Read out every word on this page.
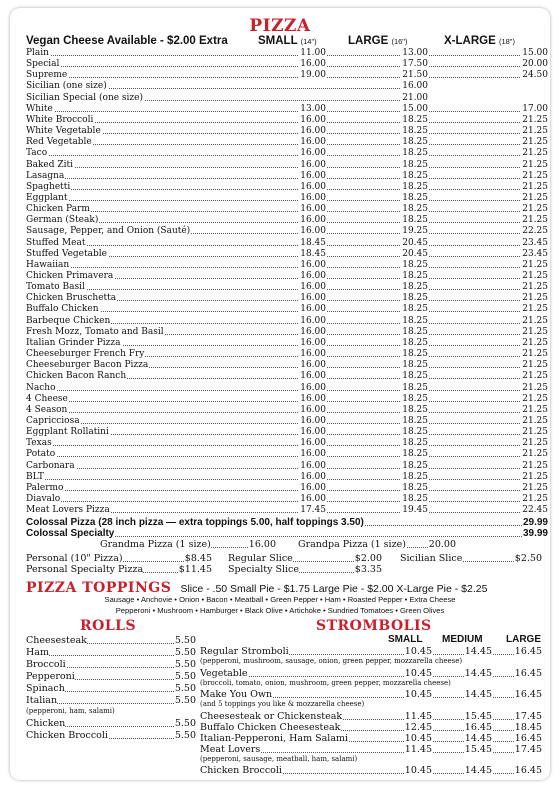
PIZZA
Vegan Cheese Available - $2.00 Extra	SMALL (14")	LARGE (16")	X-LARGE (18")
Plain	11.00	13.00	15.00
Special	16.00	17.50	20.00
Supreme	19.00	21.50	24.50
Sicilian (one size)	16.00
Sicilian Special (one size)	21.00
White	13.00	15.00	17.00
White Broccoli	16.00	18.25	21.25
White Vegetable	16.00	18.25	21.25
Red Vegetable	16.00	18.25	21.25
Taco	16.00	18.25	21.25
Baked Ziti	16.00	18.25	21.25
Lasagna	16.00	18.25	21.25
Spaghetti	16.00	18.25	21.25
Eggplant	16.00	18.25	21.25
Chicken Parm	16.00	18.25	21.25
German (Steak)	16.00	18.25	21.25
Sausage, Pepper, and Onion (Sauté)	16.00	19.25	22.25
Stuffed Meat	18.45	20.45	23.45
Stuffed Vegetable	18.45	20.45	23.45
Hawaiian	16.00	18.25	21.25
Chicken Primavera	16.00	18.25	21.25
Tomato Basil	16.00	18.25	21.25
Chicken Bruschetta	16.00	18.25	21.25
Buffalo Chicken	16.00	18.25	21.25
Barbeque Chicken	16.00	18.25	21.25
Fresh Mozz, Tomato and Basil	16.00	18.25	21.25
Italian Grinder Pizza	16.00	18.25	21.25
Cheeseburger French Fry	16.00	18.25	21.25
Cheeseburger Bacon Pizza	16.00	18.25	21.25
Chicken Bacon Ranch	16.00	18.25	21.25
Nacho	16.00	18.25	21.25
4 Cheese	16.00	18.25	21.25
4 Season	16.00	18.25	21.25
Capricciosa	16.00	18.25	21.25
Eggplant Rollatini	16.00	18.25	21.25
Texas	16.00	18.25	21.25
Potato	16.00	18.25	21.25
Carbonara	16.00	18.25	21.25
BLT	16.00	18.25	21.25
Palermo	16.00	18.25	21.25
Diavalo	16.00	18.25	21.25
Meat Lovers Pizza	17.45	19.45	22.45
Colossal Pizza (28 inch pizza — extra toppings 5.00, half toppings 3.50)	29.99
Colossal Specialty	39.99
Grandma Pizza (1 size)	16.00 Grandpa Pizza (1 size) 20.00
Personal (10" Pizza)	$8.45
Personal Specialty Pizza	$11.45
Regular Slice	$2.00
Specialty Slice	$3.35
Sicilian Slice	$2.50
PIZZA TOPPINGS Slice - .50 Small Pie - $1.75 Large Pie - $2.00 X-Large Pie - $2.25
Sausage • Anchovie • Onion • Bacon • Meatball • Green Pepper • Ham • Roasted Pepper • Extra Cheese
Pepperoni • Mushroom • Hamburger • Black Olive • Artichoke • Sundried Tomatoes • Green Olives
ROLLS
Cheesesteak	5.50
Ham	5.50
Broccoli	5.50
Pepperoni	5.50
Spinach	5.50
Italian	5.50
(pepperoni, ham, salami)
Chicken	5.50
Chicken Broccoli	5.50
STROMBOLIS
SMALL MEDIUM LARGE
Regular Stromboli	10.45	14.45 16.45
(pepperoni, mushroom, sausage, onion, green pepper, mozzarella cheese)
Vegetable	10.45	14.45 16.45
(broccoli, tomato, onion, mushroom, green pepper, mozzarella cheese)
Make You Own	10.45	14.45 16.45
(and 5 toppings you like & mozzarella cheese)
Cheesesteak or Chickensteak	11.45	15.45 17.45
Buffalo Chicken Cheesesteak	12.45	16.45 18.45
Italian-Pepperoni, Ham Salami	10.45	14.45 16.45
Meat Lovers	11.45	15.45 17.45
(pepperoni, sausage, meatball, ham, salami)
Chicken Broccoli	10.45	14.45 16.45
